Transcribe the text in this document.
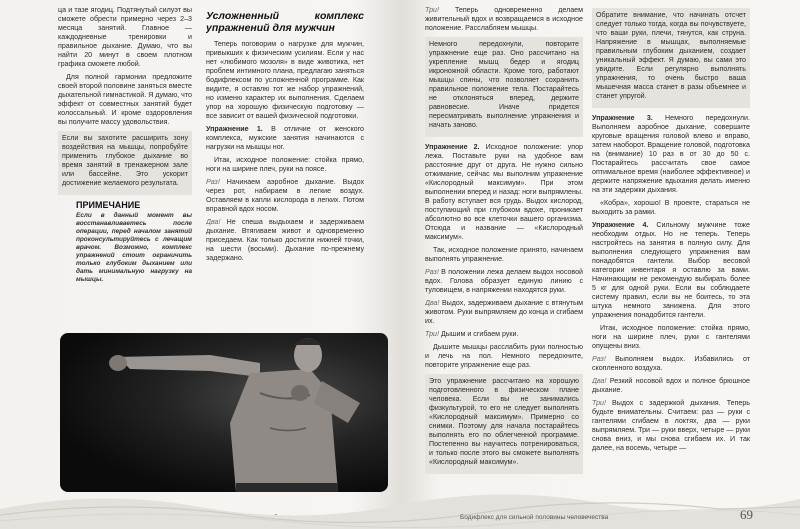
ца и тазе ягодиц. Подтянутый силуэт вы сможете обрести примерно через 2–3 месяца занятий. Главное — каждодневные тренировки и правильное дыхание. Думаю, что вы найти 20 минут в своем плотном графика сможете любой.

Для полной гармонии предложите своей второй половине заняться вместе дыхательной гимнастикой. Я думаю, что эффект от совместных занятий будет колоссальный. И кроме оздоровления вы получите массу удовольствия.

Если вы захотите расширить зону воздействия на мышцы, попробуйте применить глубокое дыхание во время занятий в тренажерном зале или бассейне. Это ускорит достижение желаемого результата.

ПРИМЕЧАНИЕ
Если в данный момент вы восстанавливаетесь после операции, перед началом занятий проконсультируйтесь с лечащим врачом. Возможно, комплекс упражнений стоит ограничить только глубоким дыханием или дать минимальную нагрузку на мышцы.
Усложненный комплекс упражнений для мужчин

Теперь поговорим о нагрузке для мужчин, привыкших к физическим усилиям. Если у нас нет «любимого мозоля» в виде животика, нет проблем интимного плана, предлагаю заняться бодифлексом по усложненной программе. Как видите, я оставлю тот же набор упражнений, но изменю характер их выполнения. Сделаем упор на хорошую физическую подготовку — все зависит от вашей физической подготовки.

Упражнение 1. В отличие от женского комплекса, мужские занятия начинаются с нагрузки на мышцы ног.

Итак, исходное положение: стойка прямо, ноги на ширине плеч, руки на поясе.

Раз! Начинаем аэробное дыхание. Выдох через рот, набираем в легкие воздух. Оставляем в капли кислорода в легких. Потом вправной вдох носом.

Два! Не спеша выдыхаем и задерживаем дыхание. Втягиваем живот и одновременно приседаем. Как только достигли нижней точки, на шести (восьми). Дыхание по-прежнему задержано.

Три! Теперь одновременно делаем живительный вдох и возвращаемся в исходное положение. Расслабляем мышцы.

Немного передохнули, повторите упражнение еще раз. Оно рассчитано на укрепление мышц бедер и ягодиц икроножной области. Кроме того, работают мышцы спины, что позволяет сохранить правильное положение тела. Постарайтесь не отклоняться вперед, держите равновесие. Иначе придется пересматривать выполнение упражнения и начать заново.

Упражнение 2. Исходное положение: упор лежа. Поставьте руки на удобное вам расстояние друг от друга. Не нужно сильно отжимание, сейчас мы выполним упражнение «Кислородный максимум». При этом выполнении вперед и назад: ноги выпрямлены. В работу вступает вся грудь. Выдох кислород, поступающий при глубоком вдохе, проникает абсолютно во все клеточки вашего организма. Отсюда и название — «Кислородный максимум».

Так, исходное положение принято, начинаем выполнять упражнение.

Раз! В положении лежа делаем выдох носовой вдох. Голова образует единую линию с туловищем, в напряжении находятся руки.

Два! Выдох, задерживаем дыхание с втянутым животом. Руки выпрямляем до конца и сгибаем их.

Три! Дышим и сгибаем руки.

Дышите мышцы расслабить руки полностью и лечь на пол. Немного передохните, повторите упражнение еще раз.

Это упражнение рассчитано на хорошую подготовленного в физическом плане человека. Если вы не занимались физкультурой, то его не следует выполнять «Кислородный максимум». Примерно со снимки. Поэтому для начала постарайтесь выполнять его по облегченной программе. Постепенно вы научитесь потренироваться, и только после этого вы сможете выполнять «Кислородный максимум».

Обратите внимание, что начинать отсчет следует только тогда, когда вы почувствуете, что ваши руки, плечи, тянутся, как струна. Напряжение в мышцах, выполняемые правильным глубоким дыханием, создает уникальный эффект. Я думаю, вы сами это увидите. Если регулярно выполнять упражнения, то очень быстро ваша мышечная масса станет в разы объемнее и станет упругой.

Упражнение 3. Немного передохнули. Выполняем аэробное дыхание, совершите круговые вращения головой влево и вправо, затем наоборот. Вращение головой, подготовка на (внимание) 10 раз в от 30 до 50 с. Постарайтесь рассчитать свое самое оптимальное время (наиболее эффективное) и держите напряжение вдыхания делать именно на эти задержки дыхания.

«Кобра», хорошо! В проекте, стараться не выходить за рамки.

Упражнение 4. Сильному мужчине тоже необходим отдых. Но не теперь. Теперь настройтесь на занятия в полную силу. Для выполнения следующего упражнения вам понадобятся гантели. Выбор весовой категории инвентаря я оставлю за вами. Начинающим не рекомендую выбирать более 5 кг для одной руки. Если вы соблюдаете систему правил, если вы не боитесь, то эта штука немного занижена. Для этого упражнения понадобится гантели.

Итак, исходное положение: стойка прямо, ноги на ширине плеч, руки с гантелями опущены вниз.

Раз! Выполняем выдох. Избавились от скопленного воздуха.

Два! Резкий носовой вдох и полное брюшное дыхание.

Три! Выдох с задержкой дыхания. Теперь будьте внимательны. Считаем: раз — руки с гантелями сгибаем в локтях, два — руки выпрямляем. Три — руки вверх, четыре — руки снова вниз, и мы снова сгибаем их. И так далее, на восемь, четыре —

69
Бодифлекс для сильной половины человечества
